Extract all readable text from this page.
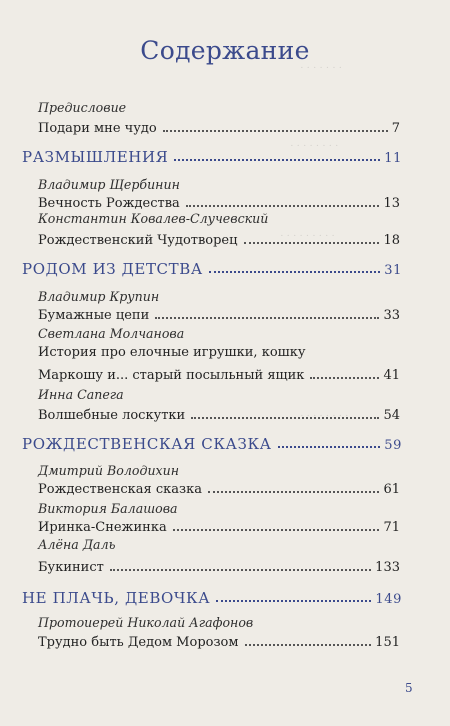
· · · · · · ·
· · · · · · · ·
· · · · · · · · ·
· · · · · · · ·
Содержание
Предисловие
Подари мне чудо	7
РАЗМЫШЛЕНИЯ	11
Владимир Щербинин
Вечность Рождества	13
Константин Ковалев-Случевский
Рождественский Чудотворец	18
РОДОМ ИЗ ДЕТСТВА	31
Владимир Крупин
Бумажные цепи	33
Светлана Молчанова
История про елочные игрушки, кошку
Маркошу и... старый посыльный ящик	41
Инна Сапега
Волшебные лоскутки	54
РОЖДЕСТВЕНСКАЯ СКАЗКА	59
Дмитрий Володихин
Рождественская сказка	61
Виктория Балашова
Иринка-Снежинка	71
Алёна Даль
Букинист	133
НЕ ПЛАЧЬ, ДЕВОЧКА	149
Протоиерей Николай Агафонов
Трудно быть Дедом Морозом	151
5
